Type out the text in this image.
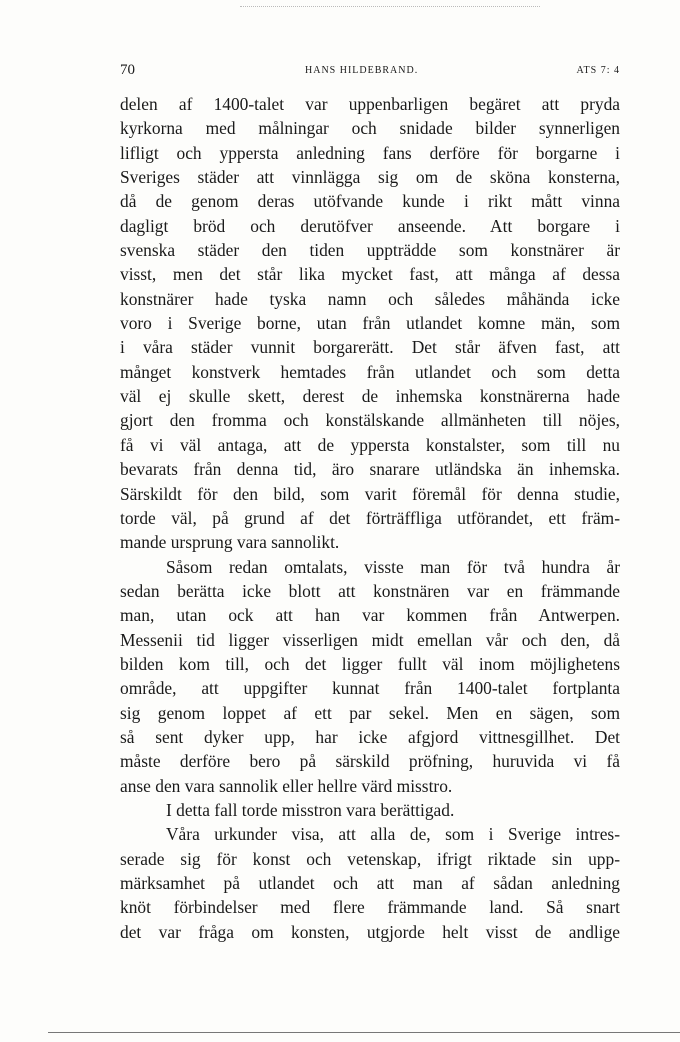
70	HANS HILDEBRAND.	ATS 7: 4
delen af 1400-talet var uppenbarligen begäret att pryda
kyrkorna med målningar och snidade bilder synnerligen
lifligt och yppersta anledning fans derföre för borgarne i
Sveriges städer att vinnlägga sig om de sköna konsterna,
då de genom deras utöfvande kunde i rikt mått vinna
dagligt bröd och derutöfver anseende. Att borgare i
svenska städer den tiden uppträdde som konstnärer är
visst, men det står lika mycket fast, att många af dessa
konstnärer hade tyska namn och således måhända icke
voro i Sverige borne, utan från utlandet komne män, som
i våra städer vunnit borgarerätt. Det står äfven fast, att
månget konstverk hemtades från utlandet och som detta
väl ej skulle skett, derest de inhemska konstnärerna hade
gjort den fromma och konstälskande allmänheten till nöjes,
få vi väl antaga, att de yppersta konstalster, som till nu
bevarats från denna tid, äro snarare utländska än inhemska.
Särskildt för den bild, som varit föremål för denna studie,
torde väl, på grund af det förträffliga utförandet, ett främ-
mande ursprung vara sannolikt.
Såsom redan omtalats, visste man för två hundra år
sedan berätta icke blott att konstnären var en främmande
man, utan ock att han var kommen från Antwerpen.
Messenii tid ligger visserligen midt emellan vår och den, då
bilden kom till, och det ligger fullt väl inom möjlighetens
område, att uppgifter kunnat från 1400-talet fortplanta
sig genom loppet af ett par sekel. Men en sägen, som
så sent dyker upp, har icke afgjord vittnesgillhet. Det
måste derföre bero på särskild pröfning, huruvida vi få
anse den vara sannolik eller hellre värd misstro.
I detta fall torde misstron vara berättigad.
Våra urkunder visa, att alla de, som i Sverige intres-
serade sig för konst och vetenskap, ifrigt riktade sin upp-
märksamhet på utlandet och att man af sådan anledning
knöt förbindelser med flere främmande land. Så snart
det var fråga om konsten, utgjorde helt visst de andlige
